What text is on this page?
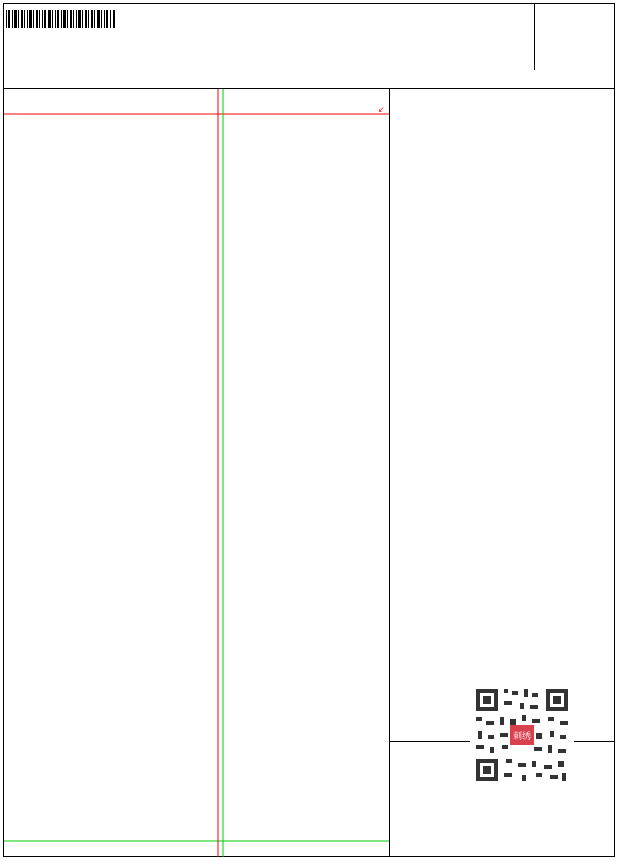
↙

刺绣
